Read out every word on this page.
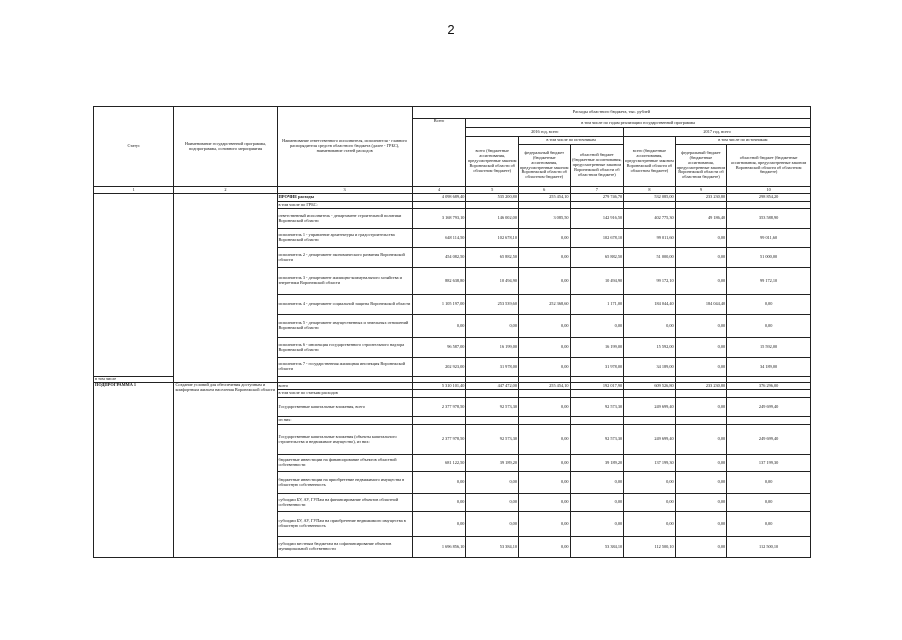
2
Статус	Наименование государственной программы, подпрограммы, основного мероприятия	Наименование ответственного исполнителя, исполнителя - главного распорядителя средств областного бюджета (далее - ГРБС), наименование статей расходов	Расходы областного бюджета, тыс. рублей						
			Всего	в том числе по годам реализации государственной программы					
				2016 год, всего			2017 год, всего		
				всего (бюджетные ассигнования, предусмотренные законом Воронежской области об областном бюджете)	в том числе по источникам		всего (бюджетные ассигнования, предусмотренные законом Воронежской области об областном бюджете)	в том числе по источникам	
					федеральный бюджет (бюджетные ассигнования, предусмотренные законом Воронежской области об областном бюджете)	областной бюджет (бюджетные ассигнования, предусмотренные законом Воронежской области об областном бюджете)		федеральный бюджет (бюджетные ассигнования, предусмотренные законом Воронежской области об областном бюджете)	областной бюджет (бюджетные ассигнования, предусмотренные законом Воронежской области об областном бюджете)
1	2	3	4	5	6	7	8	9	10
		ПРОЧИЕ расходы	4 098 689,40	535 200,80	255 454,10	279 746,70	532 085,00	233 230,80	298 854,20
		в том числе по ГРБС:							
		ответственный исполнитель - департамент строительной политики Воронежской области	3 168 793,10	146 002,00	3 085,50	142 916,50	402 775,30	49 186,40	353 588,90
		исполнитель 1 - управление архитектуры и градостроительства Воронежской области	648 114,50	102 678,10	0,00	102 678,10	99 011,60	0,00	99 011,60
		исполнитель 2 - департамент экономического развития Воронежской области	454 082,50	65 882,50	0,00	65 882,50	51 000,00	0,00	51 000,00
		исполнитель 3 - департамент жилищно-коммунального хозяйства и энергетики Воронежской области	882 638,80	10 494,90	0,00	10 494,90	99 172,10	0,00	99 172,10
		исполнитель 4 - департамент социальной защиты Воронежской области	1 105 197,00	253 539,60	252 368,60	1 171,00	184 044,40	184 044,40	0,00
		исполнитель 5 - департамент имущественных и земельных отношений Воронежской области	0,00	0,00	0,00	0,00	0,00	0,00	0,00
		исполнитель 6 - инспекция государственного строительного надзора Воронежской области	96 587,00	16 199,00	0,00	16 199,00	15 592,00	0,00	15 592,00
		исполнитель 7 - государственная жилищная инспекция Воронежской области	202 923,00	31 978,00	0,00	31 978,00	34 189,00	0,00	34 189,00
в том числе									
ПОДПРОГРАММА 1	Создание условий для обеспечения доступным и комфортным жильем населения Воронежской области	всего	5 310 101,40	447 472,00	255 454,10	192 017,90	609 526,80	233 230,80	376 296,00
		в том числе по статьям расходов							
		Государственные капитальные вложения, всего	2 377 978,50	92 573,30	0,00	92 573,30	249 699,40	0,00	249 699,40
		из них:							
		Государственные капитальные вложения (объекты капитального строительства и недвижимое имущество), из них:	2 377 978,50	92 573,30	0,00	92 573,30	249 699,40	0,00	249 699,40
		бюджетные инвестиции на финансирование объектов областной собственности	681 122,50	39 189,20	0,00	39 189,20	137 199,30	0,00	137 199,30
		бюджетные инвестиции на приобретение недвижимого имущества в областную собственность	0,00	0,00	0,00	0,00	0,00	0,00	0,00
		субсидии БУ, АУ, ГУПам на финансирование объектов областной собственности	0,00	0,00	0,00	0,00	0,00	0,00	0,00
		субсидии БУ, АУ, ГУПам на приобретение недвижимого имущества в областную собственность	0,00	0,00	0,00	0,00	0,00	0,00	0,00
		субсидии местным бюджетам на софинансирование объектов муниципальной собственности	1 696 856,10	53 384,10	0,00	53 384,10	112 500,10	0,00	112 500,10
